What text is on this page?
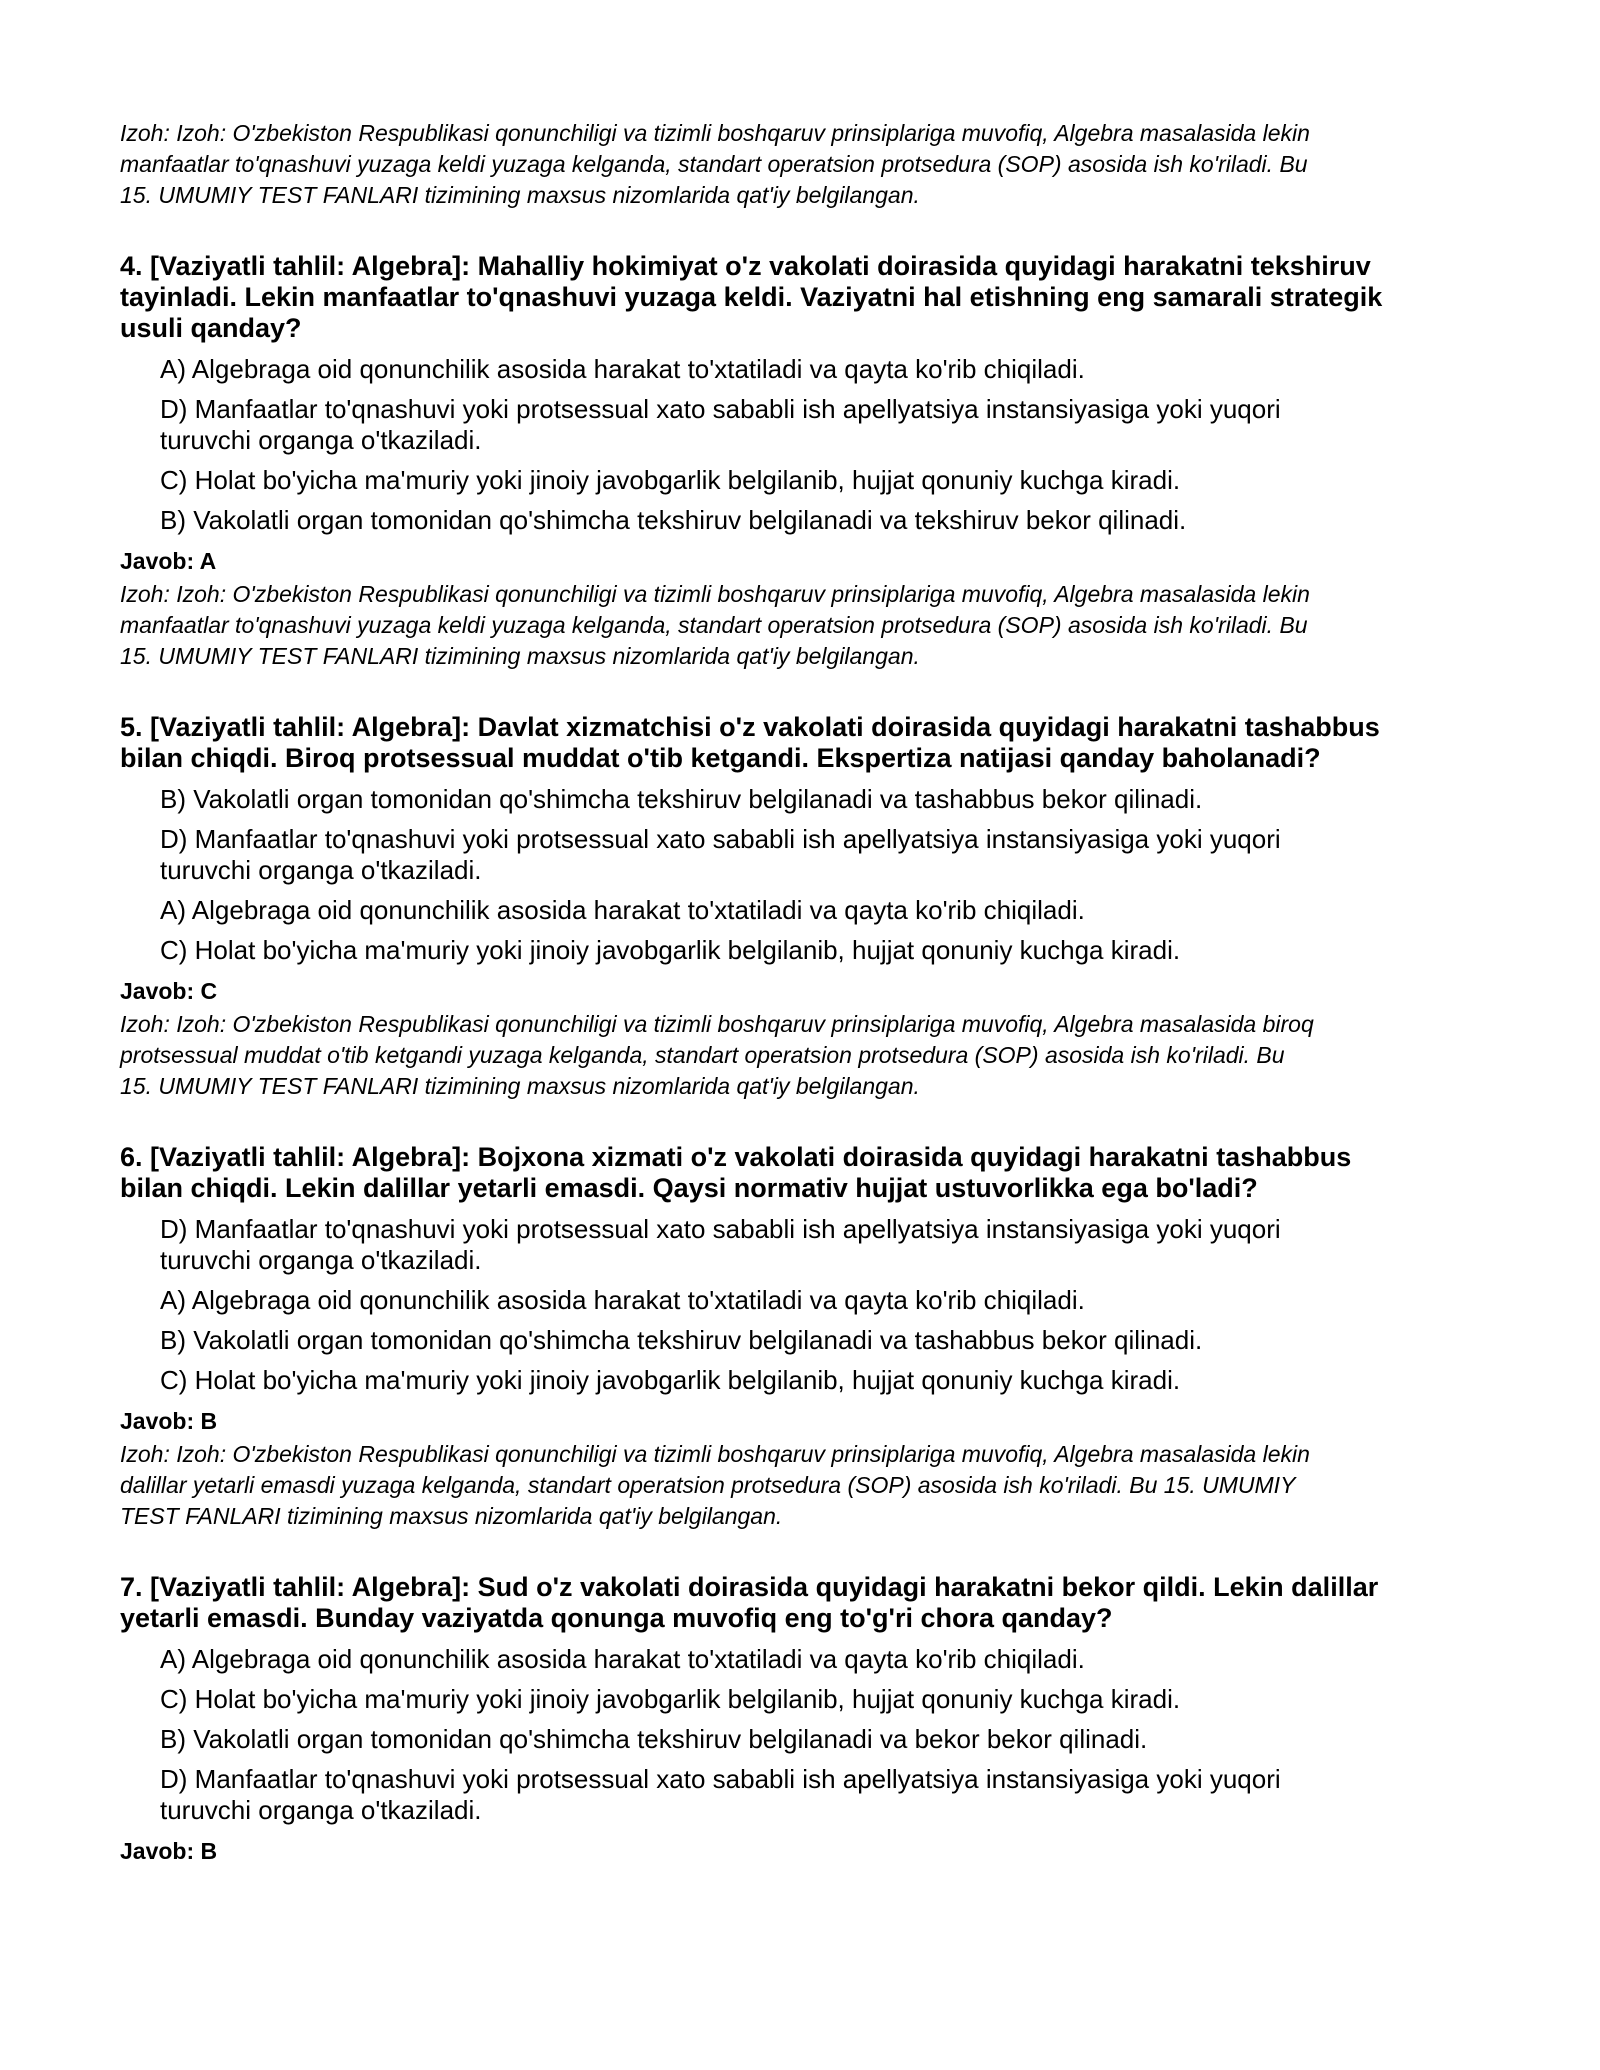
Izoh: Izoh: O'zbekiston Respublikasi qonunchiligi va tizimli boshqaruv prinsiplariga muvofiq, Algebra masalasida lekin
manfaatlar to'qnashuvi yuzaga keldi yuzaga kelganda, standart operatsion protsedura (SOP) asosida ish ko'riladi. Bu
15. UMUMIY TEST FANLARI tizimining maxsus nizomlarida qat'iy belgilangan.

4. [Vaziyatli tahlil: Algebra]: Mahalliy hokimiyat o'z vakolati doirasida quyidagi harakatni tekshiruv
tayinladi. Lekin manfaatlar to'qnashuvi yuzaga keldi. Vaziyatni hal etishning eng samarali strategik
usuli qanday?

A) Algebraga oid qonunchilik asosida harakat to'xtatiladi va qayta ko'rib chiqiladi.
D) Manfaatlar to'qnashuvi yoki protsessual xato sababli ish apellyatsiya instansiyasiga yoki yuqori
turuvchi organga o'tkaziladi.
C) Holat bo'yicha ma'muriy yoki jinoiy javobgarlik belgilanib, hujjat qonuniy kuchga kiradi.
B) Vakolatli organ tomonidan qo'shimcha tekshiruv belgilanadi va tekshiruv bekor qilinadi.

Javob: A

Izoh: Izoh: O'zbekiston Respublikasi qonunchiligi va tizimli boshqaruv prinsiplariga muvofiq, Algebra masalasida lekin
manfaatlar to'qnashuvi yuzaga keldi yuzaga kelganda, standart operatsion protsedura (SOP) asosida ish ko'riladi. Bu
15. UMUMIY TEST FANLARI tizimining maxsus nizomlarida qat'iy belgilangan.

5. [Vaziyatli tahlil: Algebra]: Davlat xizmatchisi o'z vakolati doirasida quyidagi harakatni tashabbus
bilan chiqdi. Biroq protsessual muddat o'tib ketgandi. Ekspertiza natijasi qanday baholanadi?

B) Vakolatli organ tomonidan qo'shimcha tekshiruv belgilanadi va tashabbus bekor qilinadi.
D) Manfaatlar to'qnashuvi yoki protsessual xato sababli ish apellyatsiya instansiyasiga yoki yuqori
turuvchi organga o'tkaziladi.
A) Algebraga oid qonunchilik asosida harakat to'xtatiladi va qayta ko'rib chiqiladi.
C) Holat bo'yicha ma'muriy yoki jinoiy javobgarlik belgilanib, hujjat qonuniy kuchga kiradi.

Javob: C

Izoh: Izoh: O'zbekiston Respublikasi qonunchiligi va tizimli boshqaruv prinsiplariga muvofiq, Algebra masalasida biroq
protsessual muddat o'tib ketgandi yuzaga kelganda, standart operatsion protsedura (SOP) asosida ish ko'riladi. Bu
15. UMUMIY TEST FANLARI tizimining maxsus nizomlarida qat'iy belgilangan.

6. [Vaziyatli tahlil: Algebra]: Bojxona xizmati o'z vakolati doirasida quyidagi harakatni tashabbus
bilan chiqdi. Lekin dalillar yetarli emasdi. Qaysi normativ hujjat ustuvorlikka ega bo'ladi?

D) Manfaatlar to'qnashuvi yoki protsessual xato sababli ish apellyatsiya instansiyasiga yoki yuqori
turuvchi organga o'tkaziladi.
A) Algebraga oid qonunchilik asosida harakat to'xtatiladi va qayta ko'rib chiqiladi.
B) Vakolatli organ tomonidan qo'shimcha tekshiruv belgilanadi va tashabbus bekor qilinadi.
C) Holat bo'yicha ma'muriy yoki jinoiy javobgarlik belgilanib, hujjat qonuniy kuchga kiradi.

Javob: B

Izoh: Izoh: O'zbekiston Respublikasi qonunchiligi va tizimli boshqaruv prinsiplariga muvofiq, Algebra masalasida lekin
dalillar yetarli emasdi yuzaga kelganda, standart operatsion protsedura (SOP) asosida ish ko'riladi. Bu 15. UMUMIY
TEST FANLARI tizimining maxsus nizomlarida qat'iy belgilangan.

7. [Vaziyatli tahlil: Algebra]: Sud o'z vakolati doirasida quyidagi harakatni bekor qildi. Lekin dalillar
yetarli emasdi. Bunday vaziyatda qonunga muvofiq eng to'g'ri chora qanday?

A) Algebraga oid qonunchilik asosida harakat to'xtatiladi va qayta ko'rib chiqiladi.
C) Holat bo'yicha ma'muriy yoki jinoiy javobgarlik belgilanib, hujjat qonuniy kuchga kiradi.
B) Vakolatli organ tomonidan qo'shimcha tekshiruv belgilanadi va bekor bekor qilinadi.
D) Manfaatlar to'qnashuvi yoki protsessual xato sababli ish apellyatsiya instansiyasiga yoki yuqori
turuvchi organga o'tkaziladi.

Javob: B
